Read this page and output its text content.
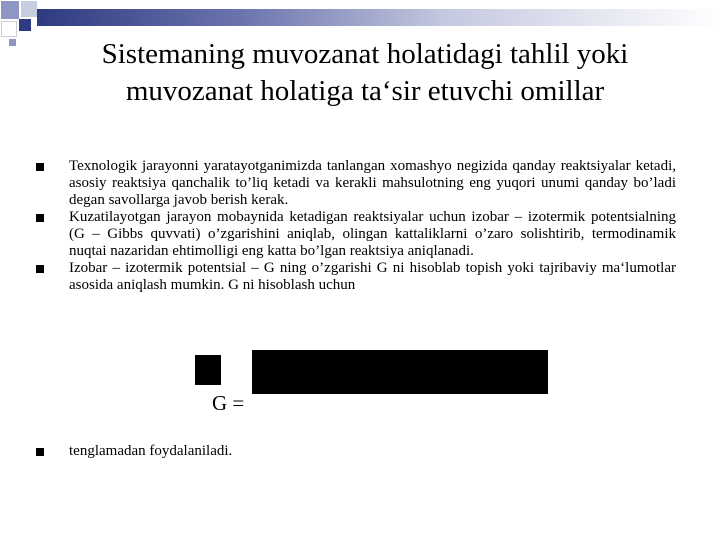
Sistemaning muvozanat holatidagi tahlil yoki muvozanat holatiga ta‘sir etuvchi omillar
Texnologik jarayonni yaratayotganimizda tanlangan xomashyo negizida qanday reaktsiyalar ketadi, asosiy reaktsiya qanchalik to’liq ketadi va kerakli mahsulotning eng yuqori unumi qanday bo’ladi degan savollarga javob berish kerak.
Kuzatilayotgan jarayon mobaynida ketadigan reaktsiyalar uchun izobar – izotermik potentsialning (G – Gibbs quvvati) o’zgarishini aniqlab, olingan kattaliklarni o’zaro solishtirib, termodinamik nuqtai nazaridan ehtimolligi eng katta bo’lgan reaktsiya aniqlanadi.
Izobar – izotermik potentsial – G ning o’zgarishi G ni hisoblab topish yoki tajribaviy ma‘lumotlar asosida aniqlash mumkin. G ni hisoblash uchun
G =
tenglamadan foydalaniladi.
